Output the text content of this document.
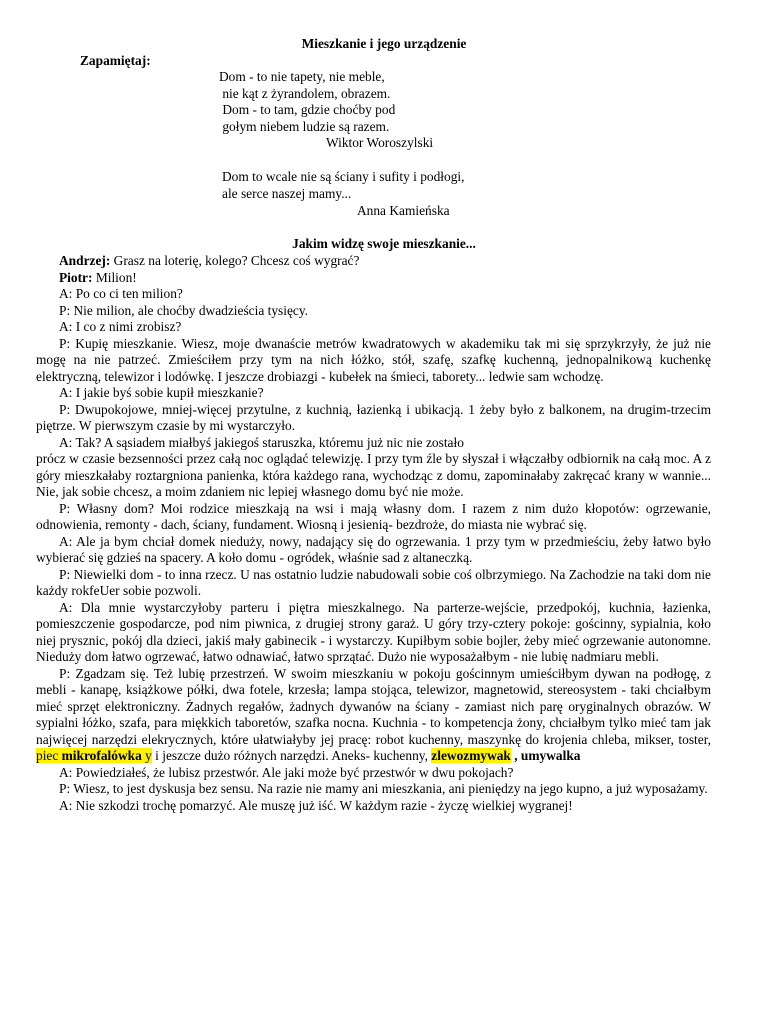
Mieszkanie i jego urządzenie
Zapamiętaj:
Dom - to nie tapety, nie meble,
nie kąt z żyrandolem, obrazem.
Dom - to tam, gdzie choćby pod
gołym niebem ludzie są razem.
Wiktor Woroszylski
Dom to wcale nie są ściany i sufity i podłogi,
ale serce naszej mamy...
Anna Kamieńska
Jakim widzę swoje mieszkanie...

Andrzej: Grasz na loterię, kolego? Chcesz coś wygrać?

Piotr: Milion!

A: Po co ci ten milion?

P: Nie milion, ale choćby dwadzieścia tysięcy.

A: I co z nimi zrobisz?

P: Kupię mieszkanie. Wiesz, moje dwanaście metrów kwadratowych w akademiku tak mi się sprzykrzyły, że już nie mogę na nie patrzeć. Zmieściłem przy tym na nich łóżko, stół, szafę, szafkę kuchenną, jednopalnikową kuchenkę elektryczną, telewizor i lodówkę. I jeszcze drobiazgi - kubełek na śmieci, taborety... ledwie sam wchodzę.

A: I jakie byś sobie kupił mieszkanie?

P: Dwupokojowe, mniej-więcej przytulne, z kuchnią, łazienką i ubikacją. 1 żeby było z balkonem, na drugim-trzecim piętrze. W pierwszym czasie by mi wystarczyło.

A: Tak? A sąsiadem miałbyś jakiegoś staruszka, któremu już nic nie zostało

prócz w czasie bezsenności przez całą noc oglądać telewizję. I przy tym źle by słyszał i włączałby odbiornik na całą moc. A z góry mieszkałaby roztargniona panienka, która każdego rana, wychodząc z domu, zapominałaby zakręcać krany w wannie... Nie, jak sobie chcesz, a moim zdaniem nic lepiej własnego domu być nie może.

P: Własny dom? Moi rodzice mieszkają na wsi i mają własny dom. I razem z nim dużo kłopotów: ogrzewanie, odnowienia, remonty - dach, ściany, fundament. Wiosną i jesienią- bezdroże, do miasta nie wybrać się.

A: Ale ja bym chciał domek nieduży, nowy, nadający się do ogrzewania. 1 przy tym w przedmieściu, żeby łatwo było wybierać się gdzieś na spacery. A koło domu - ogródek, właśnie sad z altaneczką.

P: Niewielki dom - to inna rzecz. U nas ostatnio ludzie nabudowali sobie coś olbrzymiego. Na Zachodzie na taki dom nie każdy rokfeUer sobie pozwoli.

A: Dla mnie wystarczyłoby parteru i piętra mieszkalnego. Na parterze-wejście, przedpokój, kuchnia, łazienka, pomieszczenie gospodarcze, pod nim piwnica, z drugiej strony garaż. U góry trzy-cztery pokoje: gościnny, sypialnia, koło niej prysznic, pokój dla dzieci, jakiś mały gabinecik - i wystarczy. Kupiłbym sobie bojler, żeby mieć ogrzewanie autonomne. Nieduży dom łatwo ogrzewać, łatwo odnawiać, łatwo sprzątać. Dużo nie wyposażałbym - nie lubię nadmiaru mebli.

P: Zgadzam się. Też lubię przestrzeń. W swoim mieszkaniu w pokoju gościnnym umieściłbym dywan na podłogę, z mebli - kanapę, książkowe półki, dwa fotele, krzesła; lampa stojąca, telewizor, magnetowid, stereosystem - taki chciałbym mieć sprzęt elektroniczny. Żadnych regałów, żadnych dywanów na ściany - zamiast nich parę oryginalnych obrazów. W sypialni łóżko, szafa, para miękkich taboretów, szafka nocna. Kuchnia - to kompetencja żony, chciałbym tylko mieć tam jak najwięcej narzędzi elekrycznych, które ułatwiałyby jej pracę: robot kuchenny, maszynkę do krojenia chleba, mikser, toster, piec mikrofalówka y i jeszcze dużo różnych narzędzi. Aneks- kuchenny, zlewozmywak , umywalka

A: Powiedziałeś, że lubisz przestwór. Ale jaki może być przestwór w dwu pokojach?

P: Wiesz, to jest dyskusja bez sensu. Na razie nie mamy ani mieszkania, ani pieniędzy na jego kupno, a już wyposażamy.

A: Nie szkodzi trochę pomarzyć. Ale muszę już iść. W każdym razie - życzę wielkiej wygranej!
